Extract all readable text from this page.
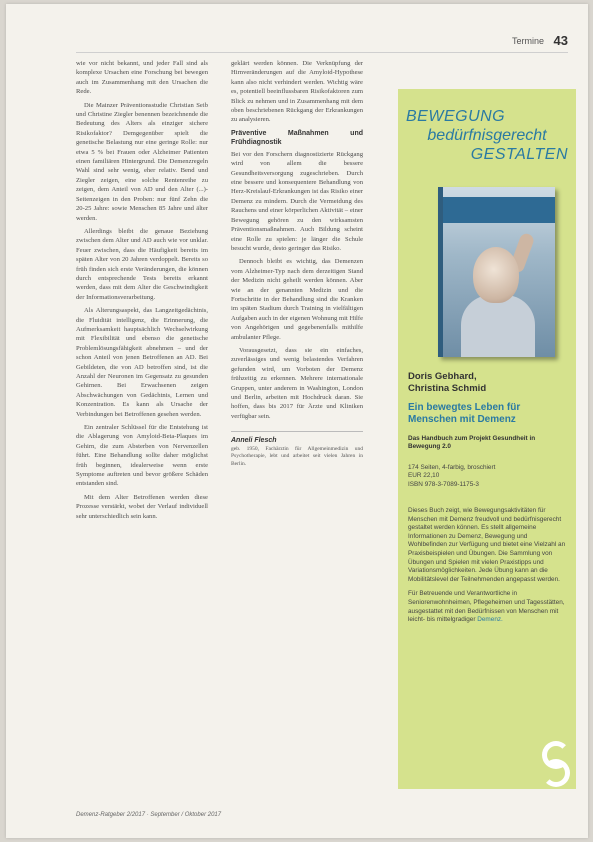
Termine 43

wie vor nicht bekannt, und jeder Fall sind als komplexe Ursachen eine Forschung bei bewegen auch im Zusammenhang mit den Ursachen die Rede.

Die Mainzer Präventionsstudie Christian Seib und Christine Ziegler benennen bezeichnende die Bedeutung des Alters als einziger sichere Risikofaktor? Demgegenüber spielt die genetische Belastung nur eine geringe Rolle: nur etwa 5 % bei Frauen oder Alzheimer Patienten einen familiären Hintergrund. Die Demenzregeln Wahl sind sehr wenig, eher relativ. Bend und Ziegler zeigen, eine solche Rentenreihe zu zeigen, dem Anteil von AD und den Alter (...)-Seitenzeigen in den Proben: nur fünf Zehn die 20-25 Jahre: sowie Menschen 85 Jahre und älter werden.

Allerdings bleibt die genaue Beziehung zwischen dem Alter und AD auch wie vor unklar. Feuer zwischen, dass die Häufigkeit bereits im späten Alter von 20 Jahren verdoppelt. Bereits so früh finden sich erste Veränderungen, die können durch entsprechende Tests bereits erkannt werden, dass mit dem Alter die Geschwindigkeit der Informationsverarbeitung.

Als Alterungsaspekt, das Langzeitgedächtnis, die Fluidität intelligenz, die Erinnerung, die Aufmerksamkeit hauptsächlich Wechselwirkung mit Flexibilität und ebenso die genetische Problemlösungsfähigkeit abnehmen – und der schon Anteil von jenen Betroffenen an AD. Bei Gebildeten, die von AD betroffen sind, ist die Anzahl der Neuronen im Gegensatz zu gesunden Gehirnen. Bei Erwachsenen zeigen Abschwächungen von Gedächtnis, Lernen und Konzentration. Es kann als Ursache der Verbindungen bei Betroffenen gesehen werden.

Ein zentraler Schlüssel für die Entstehung ist die Ablagerung von Amyloid-Beta-Plaques im Gehirn, die zum Absterben von Nervenzellen führt. Eine Behandlung sollte daher möglichst früh beginnen, idealerweise wenn erste Symptome auftreten und bevor größere Schäden entstanden sind.

Mit dem Alter Betroffenen werden diese Prozesse verstärkt, wobei der Verlauf individuell sehr unterschiedlich sein kann.

geklärt werden können. Die Verknüpfung der Hirnveränderungen auf die Amyloid-Hypothese kann also nicht verhindert werden. Wichtig wäre es, potentiell beeinflussbaren Risikofaktoren zum Blick zu nehmen und in Zusammenhang mit dem oben beschriebenen Rückgang der Erkrankungen zu analysieren.

Präventive Maßnahmen und Frühdiagnostik

Bei vor den Forschern diagnostizierte Rückgang wird von allem die bessere Gesundheitsversorgung zugeschrieben. Durch eine bessere und konsequentere Behandlung von Herz-Kreislauf-Erkrankungen ist das Risiko einer Demenz zu mindern. Durch die Vermeidung des Rauchens und einer körperlichen Aktivität – einer Bewegung gehören zu den wirksamsten Präventionsmaßnahmen. Auch Bildung scheint eine Rolle zu spielen: je länger die Schule besucht wurde, desto geringer das Risiko.

Dennoch bleibt es wichtig, das Demenzen vom Alzheimer-Typ nach dem derzeitigen Stand der Medizin nicht geheilt werden können. Aber wie an der genannten Medizin und die Fortschritte in der Behandlung sind die Kranken im späten Stadium durch Training in vielfältigen Aufgaben auch in der eigenen Wohnung mit Hilfe von Angehörigen und gegebenenfalls mithilfe ambulanter Pflege.

Vorausgesetzt, dass sie ein einfaches, zuverlässiges und wenig belastendes Verfahren gefunden wird, um Vorboten der Demenz frühzeitig zu erkennen. Mehrere internationale Gruppen, unter anderem in Washington, London und Berlin, arbeiten mit Hochdruck daran. Sie hoffen, dass bis 2017 für Ärzte und Kliniken verfügbar sein.

Anneli Flesch
geb. 1950, Fachärztin für Allgemeinmedizin und Psychotherapie, lebt und arbeitet seit vielen Jahren in Berlin.
Demenz-Ratgeber 2/2017 · September / Oktober 2017
BEWEGUNG
bedürfnisgerecht
GESTALTEN
Doris Gebhard,
Christina Schmid
Ein bewegtes Leben für Menschen mit Demenz
Das Handbuch zum Projekt Gesundheit in Bewegung 2.0
174 Seiten, 4-farbig, broschiert
EUR 22,10
ISBN 978-3-7089-1175-3

Dieses Buch zeigt, wie Bewegungsaktivitäten für Menschen mit Demenz freudvoll und bedürfnisgerecht gestaltet werden können. Es stellt allgemeine Informationen zu Demenz, Bewegung und Wohlbefinden zur Verfügung und bietet eine Vielzahl an Praxisbeispielen und Übungen. Die Sammlung von Übungen und Spielen mit vielen Praxistipps und Variationsmöglichkeiten. Jede Übung kann an die Mobilitätslevel der Teilnehmenden angepasst werden.

Für Betreuende und Verantwortliche in Seniorenwohnheimen, Pflegeheimen und Tagesstätten, ausgestattet mit den Bedürfnissen von Menschen mit leicht- bis mittelgradiger Demenz.
